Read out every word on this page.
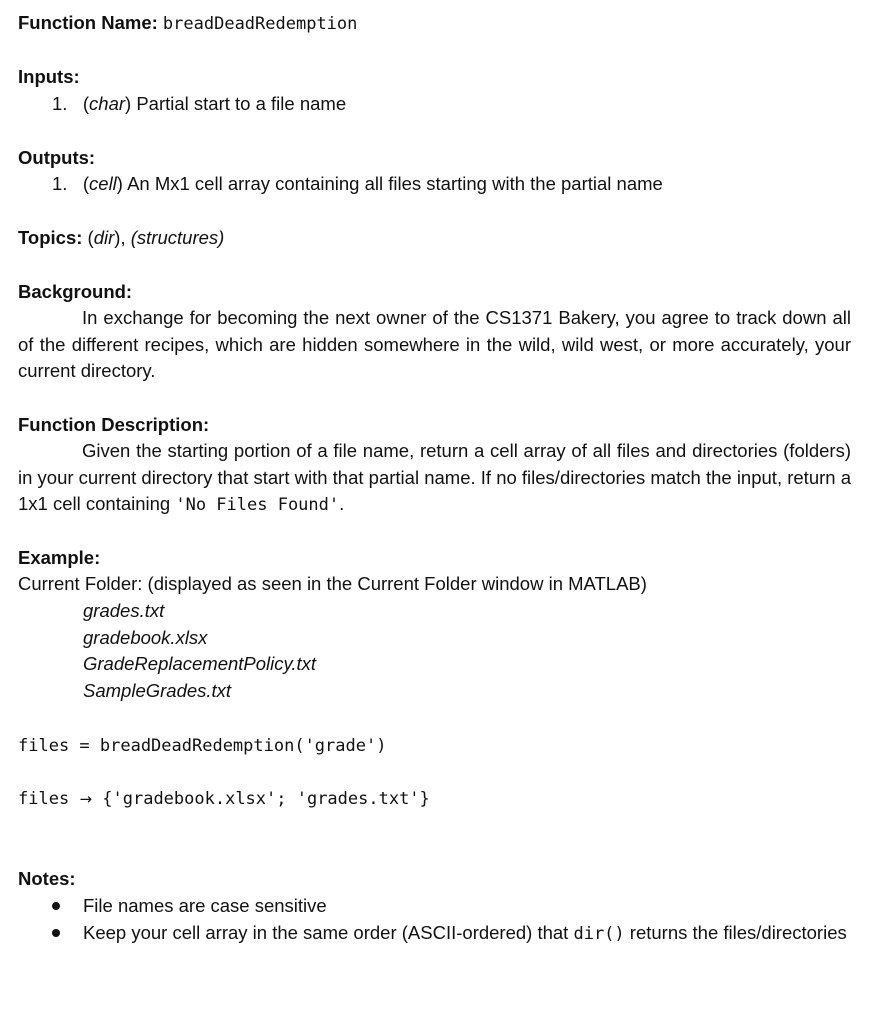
Function Name: breadDeadRedemption
Inputs:
1.   (char) Partial start to a file name
Outputs:
1.   (cell) An Mx1 cell array containing all files starting with the partial name
Topics: (dir), (structures)
Background:
In exchange for becoming the next owner of the CS1371 Bakery, you agree to track down all of the different recipes, which are hidden somewhere in the wild, wild west, or more accurately, your current directory.
Function Description:
Given the starting portion of a file name, return a cell array of all files and directories (folders) in your current directory that start with that partial name. If no files/directories match the input, return a 1x1 cell containing 'No Files Found'.
Example:
Current Folder: (displayed as seen in the Current Folder window in MATLAB)
grades.txt
gradebook.xlsx
GradeReplacementPolicy.txt
SampleGrades.txt
files = breadDeadRedemption('grade')
files → {'gradebook.xlsx'; 'grades.txt'}
Notes:
File names are case sensitive
Keep your cell array in the same order (ASCII-ordered) that dir() returns the files/directories
